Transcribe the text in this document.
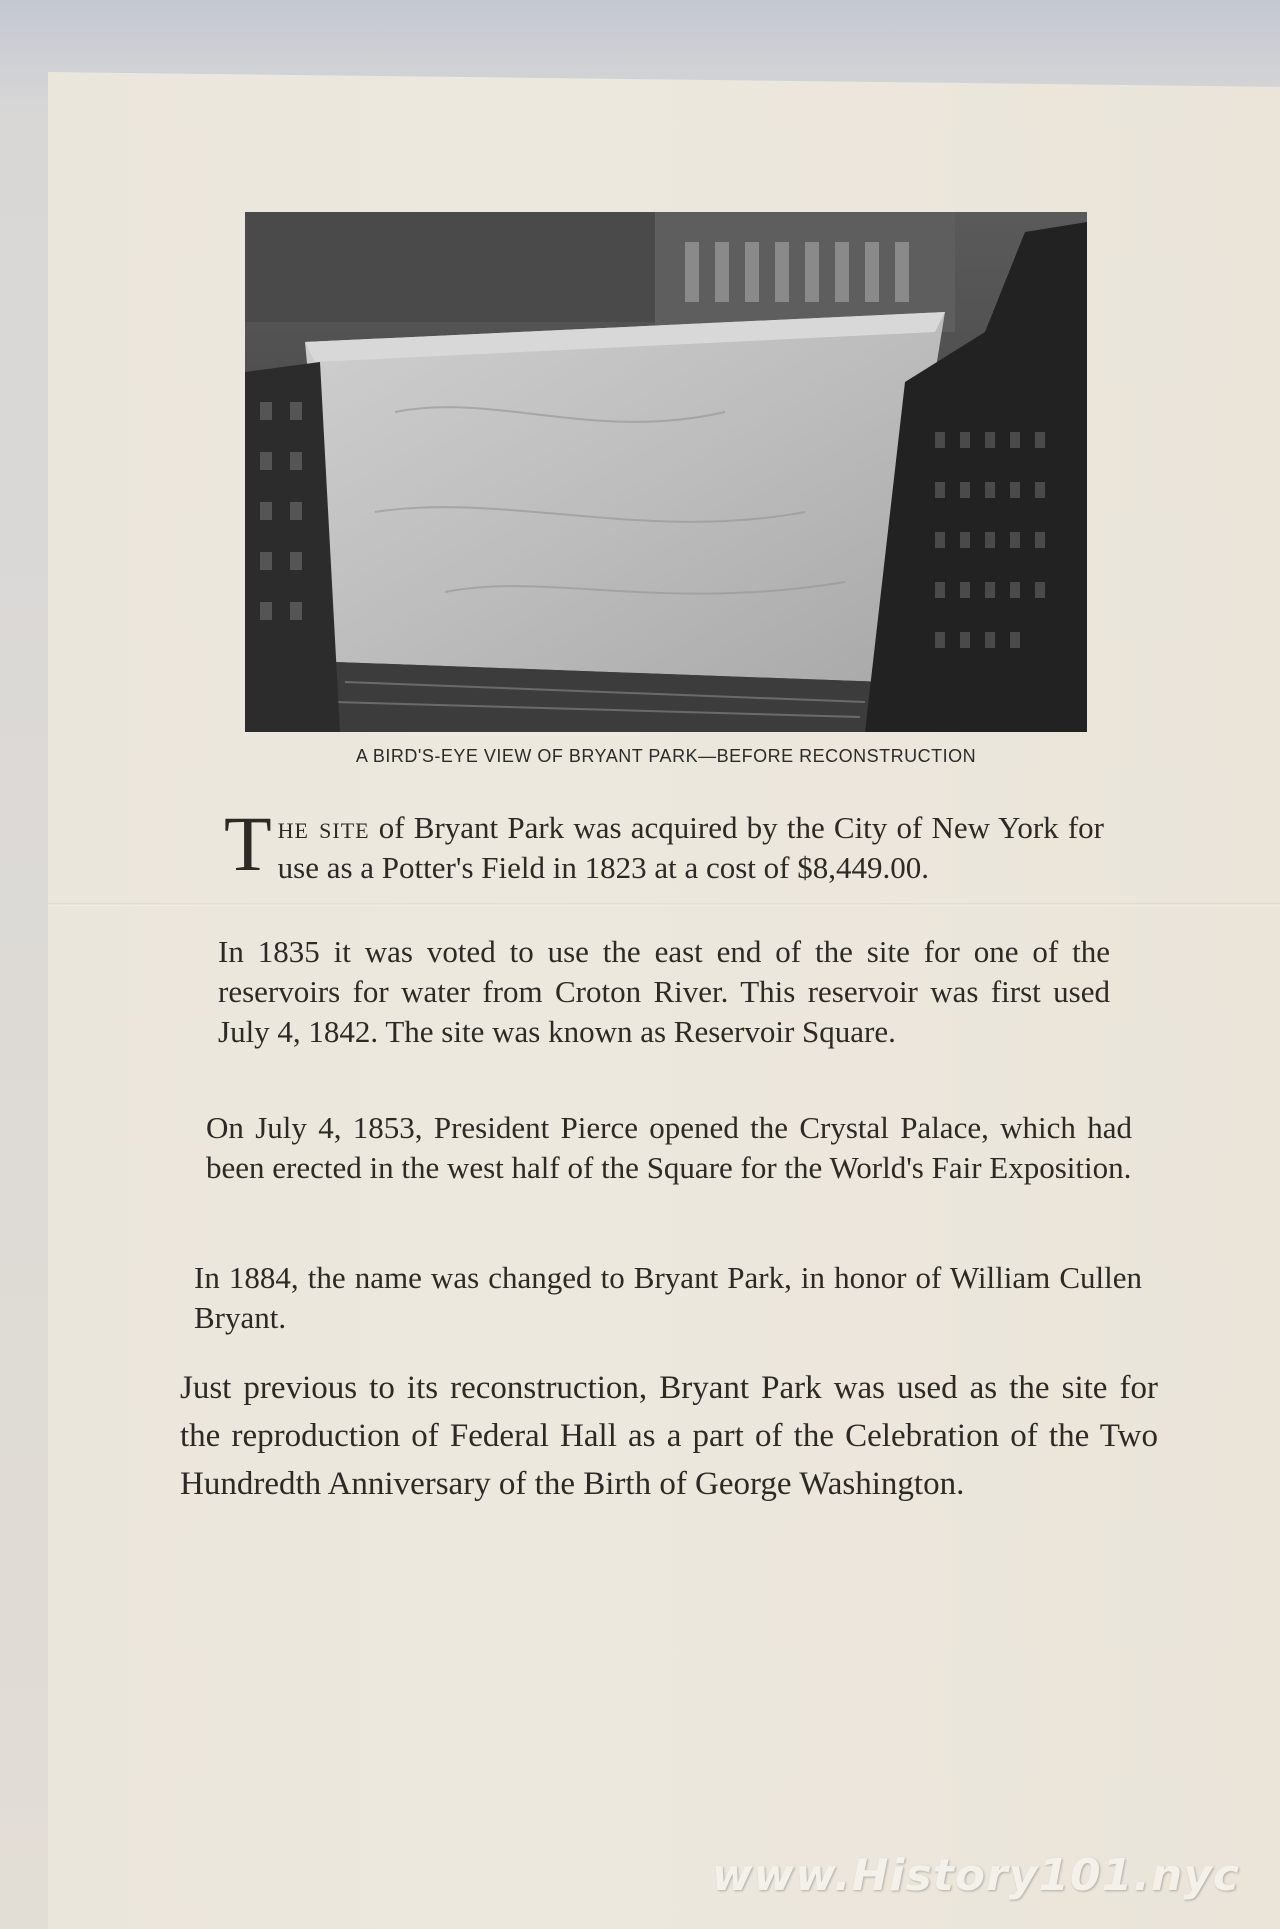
A BIRD'S-EYE VIEW OF BRYANT PARK—BEFORE RECONSTRUCTION
The site of Bryant Park was acquired by the City of New York for use as a Potter's Field in 1823 at a cost of $8,449.00.
In 1835 it was voted to use the east end of the site for one of the reservoirs for water from Croton River. This reservoir was first used July 4, 1842. The site was known as Reservoir Square.
On July 4, 1853, President Pierce opened the Crystal Palace, which had been erected in the west half of the Square for the World's Fair Exposition.
In 1884, the name was changed to Bryant Park, in honor of William Cullen Bryant.
Just previous to its reconstruction, Bryant Park was used as the site for the reproduction of Federal Hall as a part of the Celebration of the Two Hundredth Anniversary of the Birth of George Washington.
www.History101.nyc
